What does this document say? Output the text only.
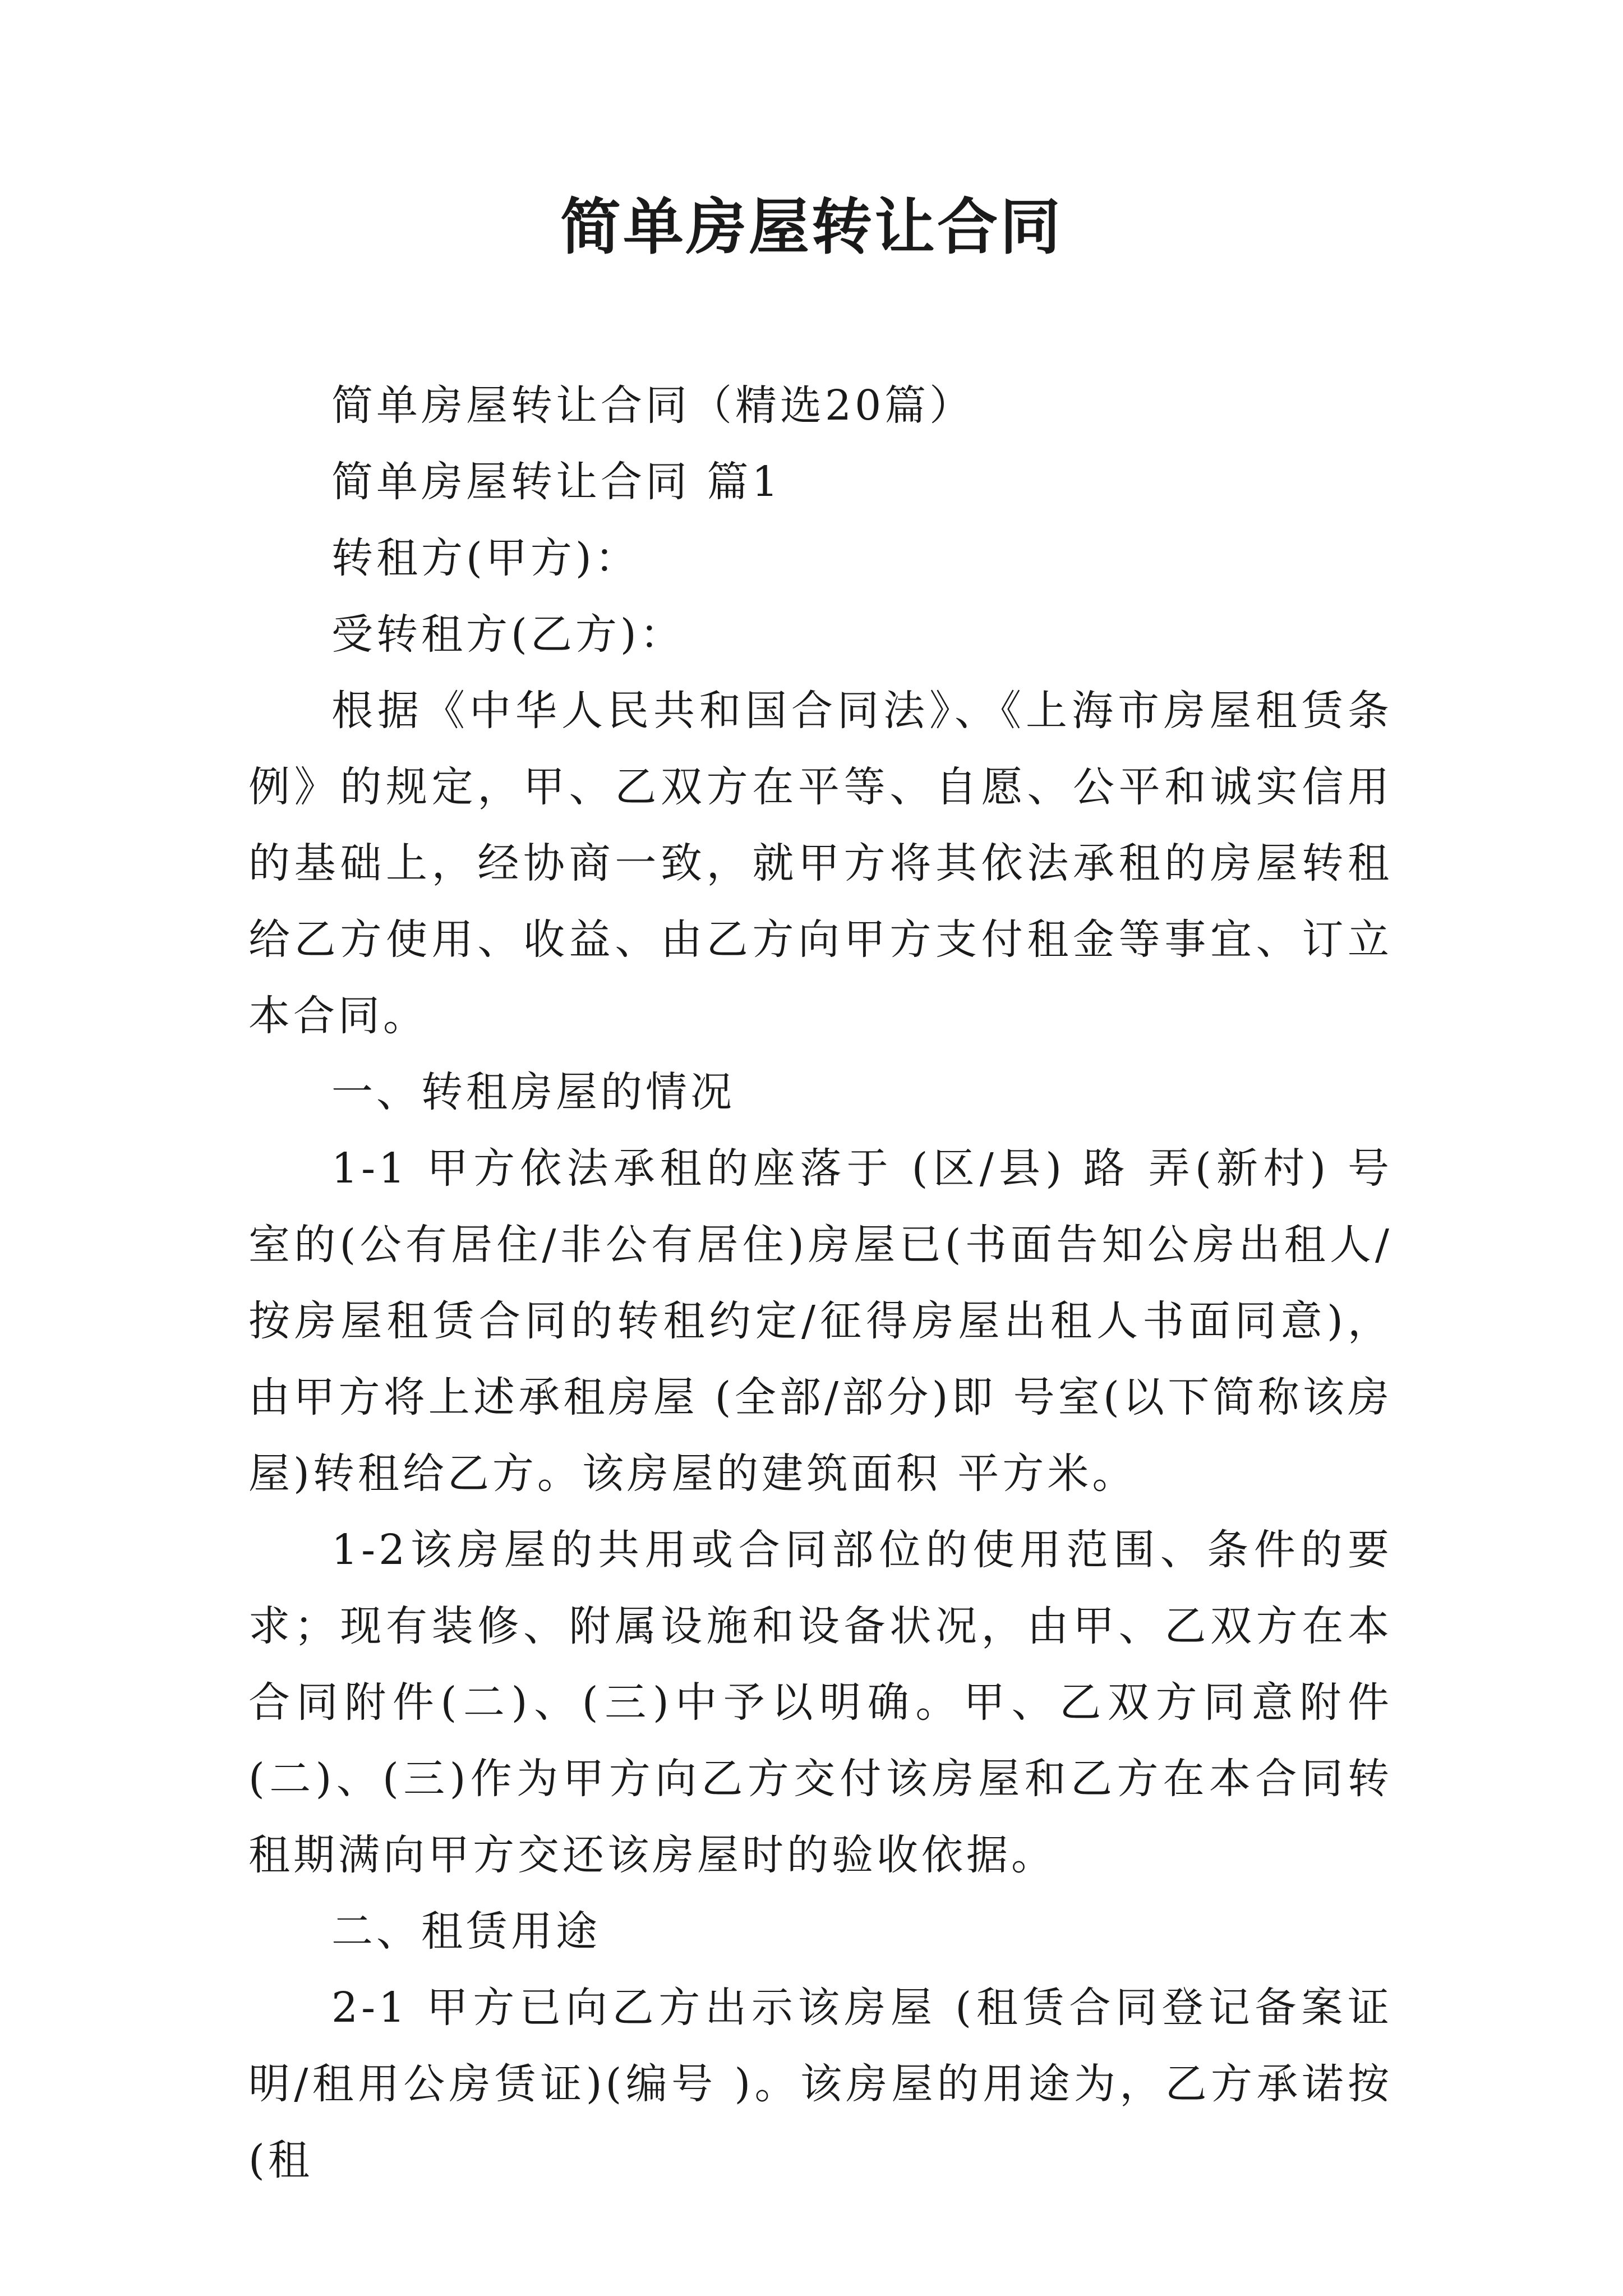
简单房屋转让合同

简单房屋转让合同（精选20篇）

简单房屋转让合同 篇1

转租方(甲方)：

受转租方(乙方)：

根据《中华人民共和国合同法》、《上海市房屋租赁条例》的规定，甲、乙双方在平等、自愿、公平和诚实信用的基础上，经协商一致，就甲方将其依法承租的房屋转租给乙方使用、收益、由乙方向甲方支付租金等事宜、订立本合同。

一、转租房屋的情况

1-1 甲方依法承租的座落于 (区/县) 路 弄(新村) 号室的(公有居住/非公有居住)房屋已(书面告知公房出租人/按房屋租赁合同的转租约定/征得房屋出租人书面同意)，由甲方将上述承租房屋 (全部/部分)即 号室(以下简称该房屋)转租给乙方。该房屋的建筑面积 平方米。

1-2该房屋的共用或合同部位的使用范围、条件的要求；现有装修、附属设施和设备状况，由甲、乙双方在本合同附件(二)、(三)中予以明确。甲、乙双方同意附件(二)、(三)作为甲方向乙方交付该房屋和乙方在本合同转租期满向甲方交还该房屋时的验收依据。

二、租赁用途

2-1 甲方已向乙方出示该房屋 (租赁合同登记备案证明/租用公房赁证)(编号 )。该房屋的用途为，乙方承诺按(租
